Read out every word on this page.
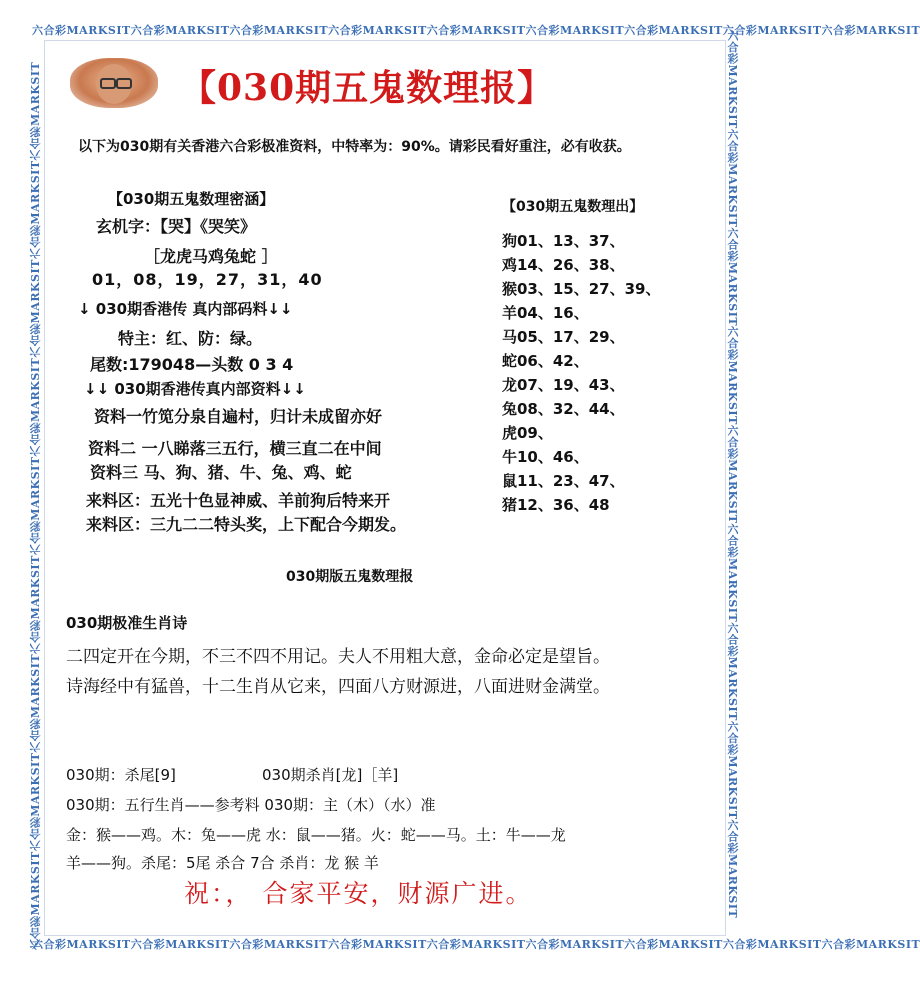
六合彩MARKSIT六合彩MARKSIT六合彩MARKSIT六合彩MARKSIT六合彩MARKSIT六合彩MARKSIT六合彩MARKSIT六合彩MARKSIT六合彩MARKSIT
六合彩MARKSIT六合彩MARKSIT六合彩MARKSIT六合彩MARKSIT六合彩MARKSIT六合彩MARKSIT六合彩MARKSIT六合彩MARKSIT六合彩MARKSIT
六合彩MARKSIT六合彩MARKSIT六合彩MARKSIT六合彩MARKSIT六合彩MARKSIT六合彩MARKSIT六合彩MARKSIT六合彩MARKSIT六合彩MARKSIT	六合彩MARKSIT六合彩MARKSIT六合彩MARKSIT六合彩MARKSIT六合彩MARKSIT六合彩MARKSIT六合彩MARKSIT六合彩MARKSIT六合彩MARKSIT
【030期五鬼数理报】
以下为030期有关香港六合彩极准资料，中特率为：90%。请彩民看好重注，必有收获。
【030期五鬼数理密涵】
玄机字：【哭】《哭笑》
［龙虎马鸡兔蛇 ］
01，08，19，27，31，40
↓ 030期香港传 真内部码料↓↓
特主：红、防：绿。
尾数:179048—头数 0 3 4
↓↓ 030期香港传真内部资料↓↓
资料一竹笕分泉自遍村，归计未成留亦好
资料二 一八睇落三五行，横三直二在中间
资料三 马、狗、猪、牛、兔、鸡、蛇
来料区：五光十色显神威、羊前狗后特来开
来料区：三九二二特头奖，上下配合今期发。
【030期五鬼数理出】
狗01、13、37、
鸡14、26、38、
猴03、15、27、39、
羊04、16、
马05、17、29、
蛇06、42、
龙07、19、43、
兔08、32、44、
虎09、
牛10、46、
鼠11、23、47、
猪12、36、48
030期版五鬼数理报
030期极准生肖诗
二四定开在今期，不三不四不用记。夫人不用粗大意，金命必定是望旨。
诗海经中有猛兽，十二生肖从它来，四面八方财源进，八面进财金满堂。
030期：杀尾[9]	030期杀肖[龙]［羊]
030期：五行生肖——参考料 030期：主（木）（水）准
金：猴——鸡。木：兔——虎 水：鼠——猪。火：蛇——马。土：牛——龙
羊——狗。杀尾：5尾 杀合 7合 杀肖：龙 猴 羊
祝：， 合家平安，财源广进。
